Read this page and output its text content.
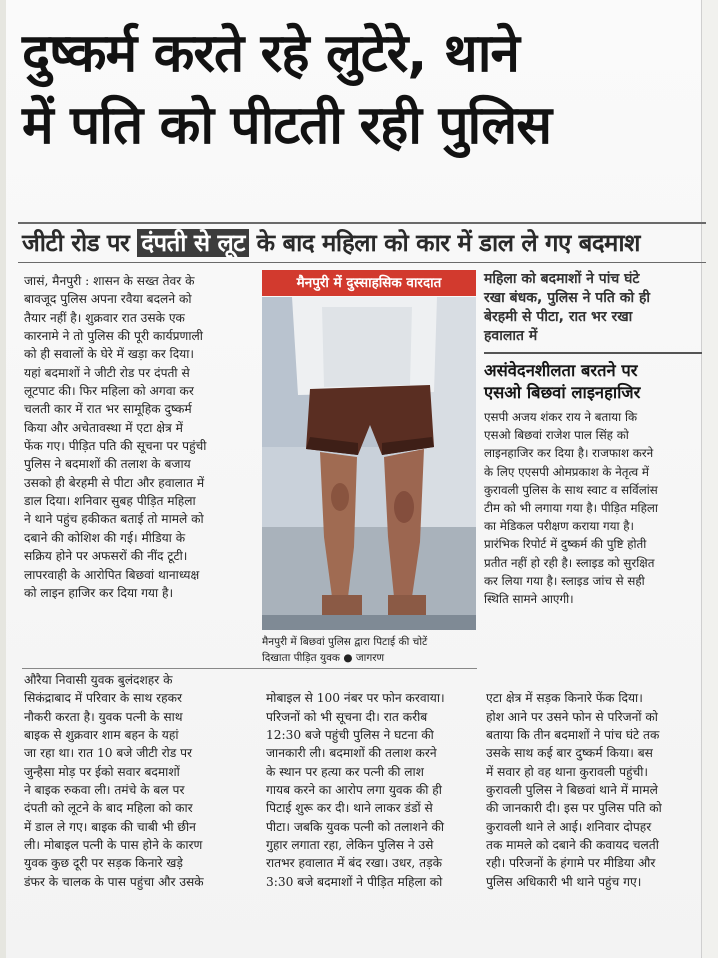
दुष्कर्म करते रहे लुटेरे, थाने
में पति को पीटती रही पुलिस
जीटी रोड पर दंपती से लूट के बाद महिला को कार में डाल ले गए बदमाश
जासं, मैनपुरी : शासन के सख्त तेवर के
बावजूद पुलिस अपना रवैया बदलने को
तैयार नहीं है। शुक्रवार रात उसके एक
कारनामे ने तो पुलिस की पूरी कार्यप्रणाली
को ही सवालों के घेरे में खड़ा कर दिया।
यहां बदमाशों ने जीटी रोड पर दंपती से
लूटपाट की। फिर महिला को अगवा कर
चलती कार में रात भर सामूहिक दुष्कर्म
किया और अचेतावस्था में एटा क्षेत्र में
फेंक गए। पीड़ित पति की सूचना पर पहुंची
पुलिस ने बदमाशों की तलाश के बजाय
उसको ही बेरहमी से पीटा और हवालात में
डाल दिया। शनिवार सुबह पीड़ित महिला
ने थाने पहुंच हकीकत बताई तो मामले को
दबाने की कोशिश की गई। मीडिया के
सक्रिय होने पर अफसरों की नींद टूटी।
लापरवाही के आरोपित बिछवां थानाध्यक्ष
को लाइन हाजिर कर दिया गया है।
मैनपुरी में दुस्साहसिक वारदात
मैनपुरी में बिछवां पुलिस द्वारा पिटाई की चोटें
दिखाता पीड़ित युवक ● जागरण
महिला को बदमाशों ने पांच घंटे
रखा बंधक, पुलिस ने पति को ही
बेरहमी से पीटा, रात भर रखा
हवालात में
असंवेदनशीलता बरतने पर
एसओ बिछवां लाइनहाजिर
एसपी अजय शंकर राय ने बताया कि
एसओ बिछवां राजेश पाल सिंह को
लाइनहाजिर कर दिया है। राजफाश करने
के लिए एएसपी ओमप्रकाश के नेतृत्व में
कुरावली पुलिस के साथ स्वाट व सर्विलांस
टीम को भी लगाया गया है। पीड़ित महिला
का मेडिकल परीक्षण कराया गया है।
प्रारंभिक रिपोर्ट में दुष्कर्म की पुष्टि होती
प्रतीत नहीं हो रही है। स्लाइड को सुरक्षित
कर लिया गया है। स्लाइड जांच से सही
स्थिति सामने आएगी।
औरैया निवासी युवक बुलंदशहर के
सिकंद्राबाद में परिवार के साथ रहकर
नौकरी करता है। युवक पत्नी के साथ
बाइक से शुक्रवार शाम बहन के यहां
जा रहा था। रात 10 बजे जीटी रोड पर
जुन्हैसा मोड़ पर ईको सवार बदमाशों
ने बाइक रुकवा ली। तमंचे के बल पर
दंपती को लूटने के बाद महिला को कार
में डाल ले गए। बाइक की चाबी भी छीन
ली। मोबाइल पत्नी के पास होने के कारण
युवक कुछ दूरी पर सड़क किनारे खड़े
डंफर के चालक के पास पहुंचा और उसके

मोबाइल से 100 नंबर पर फोन करवाया।
परिजनों को भी सूचना दी। रात करीब
12:30 बजे पहुंची पुलिस ने घटना की
जानकारी ली। बदमाशों की तलाश करने
के स्थान पर हत्या कर पत्नी की लाश
गायब करने का आरोप लगा युवक की ही
पिटाई शुरू कर दी। थाने लाकर डंडों से
पीटा। जबकि युवक पत्नी को तलाशने की
गुहार लगाता रहा, लेकिन पुलिस ने उसे
रातभर हवालात में बंद रखा। उधर, तड़के
3:30 बजे बदमाशों ने पीड़ित महिला को

एटा क्षेत्र में सड़क किनारे फेंक दिया।
होश आने पर उसने फोन से परिजनों को
बताया कि तीन बदमाशों ने पांच घंटे तक
उसके साथ कई बार दुष्कर्म किया। बस
में सवार हो वह थाना कुरावली पहुंची।
कुरावली पुलिस ने बिछवां थाने में मामले
की जानकारी दी। इस पर पुलिस पति को
कुरावली थाने ले आई। शनिवार दोपहर
तक मामले को दबाने की कवायद चलती
रही। परिजनों के हंगामे पर मीडिया और
पुलिस अधिकारी भी थाने पहुंच गए।
